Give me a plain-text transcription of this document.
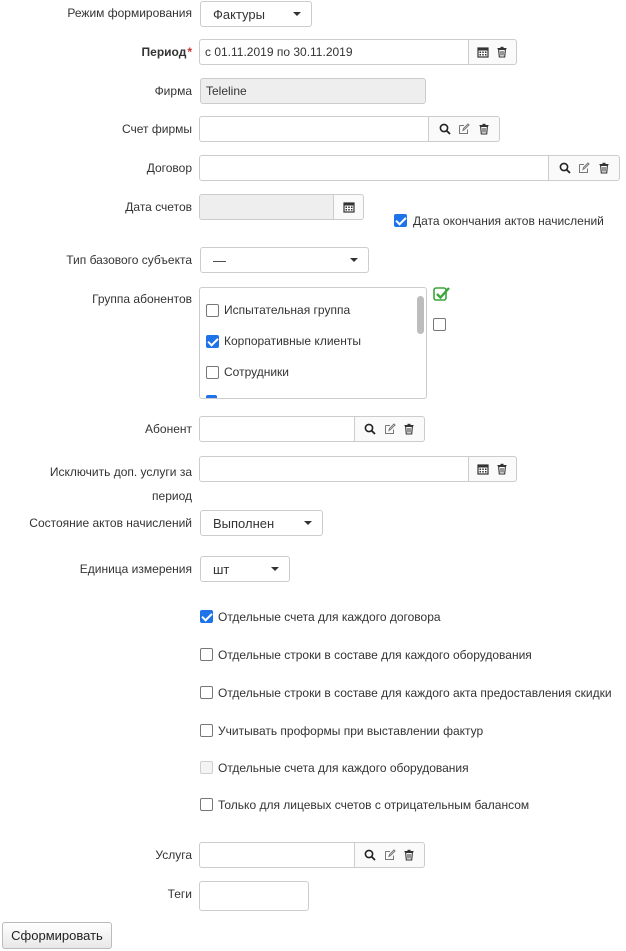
Режим формирования Фактуры
Период*	с 01.11.2019 по 30.11.2019
Фирма	Teleline
Счет фирмы
Договор
Дата счетов
Дата окончания актов начислений
Тип базового субъекта —
Группа абонентов
Испытательная группа
Корпоративные клиенты
Сотрудники
Абонент
Исключить доп. услуги за
период
Состояние актов начислений Выполнен
Единица измерения шт
Отдельные счета для каждого договора
Отдельные строки в составе для каждого оборудования
Отдельные строки в составе для каждого акта предоставления скидки
Учитывать проформы при выставлении фактур
Отдельные счета для каждого оборудования
Только для лицевых счетов с отрицательным балансом
Услуга
Теги
Сформировать
